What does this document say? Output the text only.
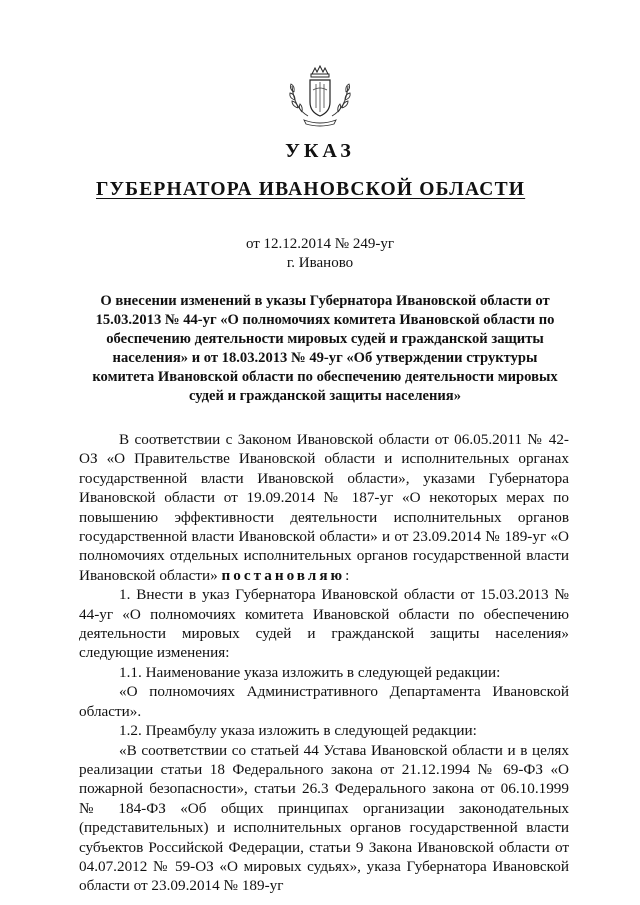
УКАЗ
ГУБЕРНАТОРА ИВАНОВСКОЙ ОБЛАСТИ
от 12.12.2014 № 249-уг
г. Иваново
О внесении изменений в указы Губернатора Ивановской области от 15.03.2013 № 44-уг «О полномочиях комитета Ивановской области по обеспечению деятельности мировых судей и гражданской защиты населения» и от 18.03.2013 № 49-уг «Об утверждении структуры комитета Ивановской области по обеспечению деятельности мировых судей и гражданской защиты населения»

В соответствии с Законом Ивановской области от 06.05.2011 № 42-ОЗ «О Правительстве Ивановской области и исполнительных органах государственной власти Ивановской области», указами Губернатора Ивановской области от 19.09.2014 № 187-уг «О некоторых мерах по повышению эффективности деятельности исполнительных органов государственной власти Ивановской области» и от 23.09.2014 № 189-уг «О полномочиях отдельных исполнительных органов государственной власти Ивановской области» постановляю:

1. Внести в указ Губернатора Ивановской области от 15.03.2013 № 44-уг «О полномочиях комитета Ивановской области по обеспечению деятельности мировых судей и гражданской защиты населения» следующие изменения:

1.1. Наименование указа изложить в следующей редакции:

«О полномочиях Административного Департамента Ивановской области».

1.2. Преамбулу указа изложить в следующей редакции:

«В соответствии со статьей 44 Устава Ивановской области и в целях реализации статьи 18 Федерального закона от 21.12.1994 № 69-ФЗ «О пожарной безопасности», статьи 26.3 Федерального закона от 06.10.1999 № 184-ФЗ «Об общих принципах организации законодательных (представительных) и исполнительных органов государственной власти субъектов Российской Федерации, статьи 9 Закона Ивановской области от 04.07.2012 № 59-ОЗ «О мировых судьях», указа Губернатора Ивановской области от 23.09.2014 № 189-уг
